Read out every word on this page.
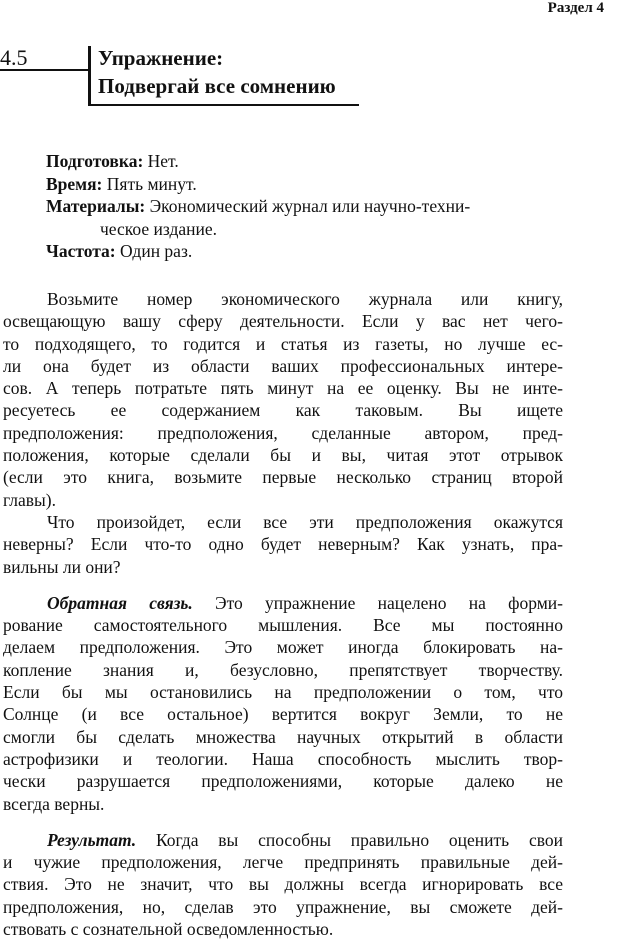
Раздел 4
4.5	Упражнение:
Подвергай все сомнению
Подготовка: Нет.
Время: Пять минут.
Материалы: Экономический журнал или научно-техни-
ческое издание.
Частота: Один раз.
Возьмите номер экономического журнала или книгу,
освещающую вашу сферу деятельности. Если у вас нет чего-
то подходящего, то годится и статья из газеты, но лучше ес-
ли она будет из области ваших профессиональных интере-
сов. А теперь потратьте пять минут на ее оценку. Вы не инте-
ресуетесь ее содержанием как таковым. Вы ищете
предположения: предположения, сделанные автором, пред-
положения, которые сделали бы и вы, читая этот отрывок
(если это книга, возьмите первые несколько страниц второй
главы).
Что произойдет, если все эти предположения окажутся
неверны? Если что-то одно будет неверным? Как узнать, пра-
вильны ли они?
Обратная связь. Это упражнение нацелено на форми-
рование самостоятельного мышления. Все мы постоянно
делаем предположения. Это может иногда блокировать на-
копление знания и, безусловно, препятствует творчеству.
Если бы мы остановились на предположении о том, что
Солнце (и все остальное) вертится вокруг Земли, то не
смогли бы сделать множества научных открытий в области
астрофизики и теологии. Наша способность мыслить твор-
чески разрушается предположениями, которые далеко не
всегда верны.
Результат. Когда вы способны правильно оценить свои
и чужие предположения, легче предпринять правильные дей-
ствия. Это не значит, что вы должны всегда игнорировать все
предположения, но, сделав это упражнение, вы сможете дей-
ствовать с сознательной осведомленностью.
